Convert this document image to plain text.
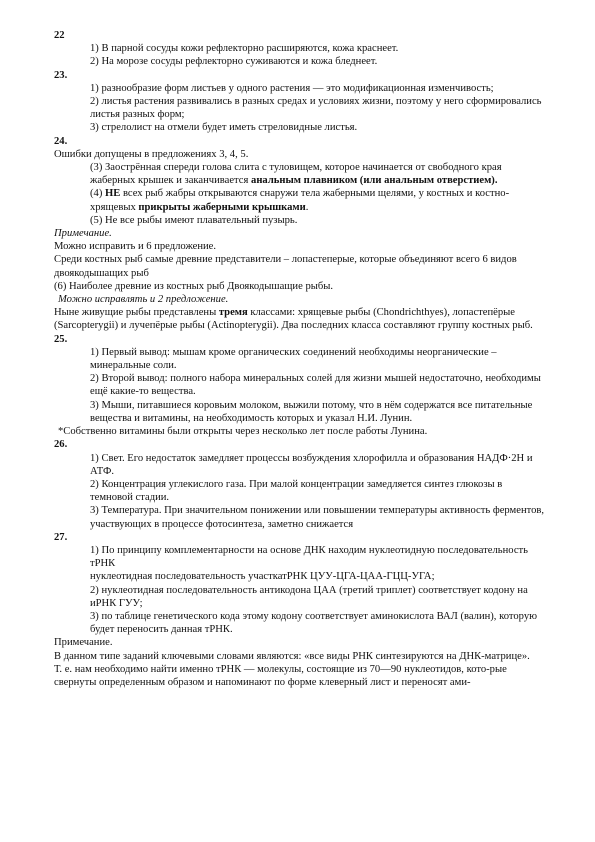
22

1) В парной сосуды кожи рефлекторно расширяются, кожа краснеет.

2) На морозе сосуды рефлекторно суживаются и кожа бледнеет.

23.

1) разнообразие форм листьев у одного растения — это модификационная изменчивость;

2) листья растения развивались в разных средах и условиях жизни, поэтому у него сформировались листья разных форм;

3) стрелолист на отмели будет иметь стреловидные листья.

24.

Ошибки допущены в предложениях 3, 4, 5.

(3) Заострённая спереди голова слита с туловищем, которое начинается от свободного края жаберных крышек и заканчивается анальным плавником (или анальным отверстием).

(4) НЕ всех рыб жабры открываются снаружи тела жаберными щелями, у костных и костно-хрящевых прикрыты жаберными крышками.

(5) Не все рыбы имеют плавательный пузырь.

Примечание.

Можно исправить и 6 предложение.

Среди костных рыб самые древние представители – лопастеперые, которые объединяют всего 6 видов двоякодышащих рыб

(6) Наиболее древние из костных рыб Двоякодышащие рыбы.

Можно исправлять и 2 предложение.

Ныне живущие рыбы представлены тремя классами: хрящевые рыбы (Chondrichthyes), лопастепёрые (Sarcopterygii) и лучепёрые рыбы (Actinopterygii). Два последних класса составляют группу костных рыб.

25.

1) Первый вывод: мышам кроме органических соединений необходимы неорганические – минеральные соли.

2) Второй вывод: полного набора минеральных солей для жизни мышей недостаточно, необходимы ещё какие-то вещества.

3) Мыши, питавшиеся коровьим молоком, выжили потому, что в нём содержатся все питательные вещества и витамины, на необходимость которых и указал Н.И. Лунин.

*Собственно витамины были открыты через несколько лет после работы Лунина.

26.

1) Свет. Его недостаток замедляет процессы возбуждения хлорофилла и образования НАДФ·2Н и АТФ.

2) Концентрация углекислого газа. При малой концентрации замедляется синтез глюкозы в темновой стадии.

3) Температура. При значительном понижении или повышении температуры активность ферментов, участвующих в процессе фотосинтеза, заметно снижается

27.

1) По принципу комплементарности на основе ДНК находим нуклеотидную последовательность тРНК

нуклеотидная последовательность участкатРНК ЦУУ-ЦГА-ЦАА-ГЦЦ-УГА;

2) нуклеотидная последовательность антикодона ЦАА (третий триплет) соответствует кодону на иРНК ГУУ;

3) по таблице генетического кода этому кодону соответствует аминокислота ВАЛ (валин), которую будет переносить данная тРНК.

Примечание.

В данном типе заданий ключевыми словами являются: «все виды РНК синтезируются на ДНК-матрице».

Т. е. нам необходимо найти именно тРНК — молекулы, состоящие из 70—90 нуклеотидов, кото-рые свернуты определенным образом и напоминают по форме клеверный лист и переносят ами-
